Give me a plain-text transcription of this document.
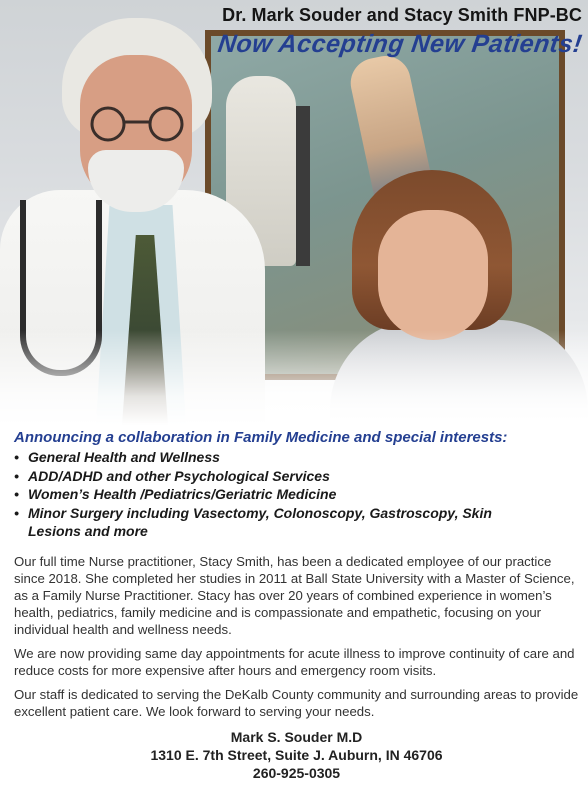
Dr. Mark Souder and Stacy Smith FNP-BC
Now Accepting New Patients!

Announcing a collaboration in Family Medicine and special interests:

• General Health and Wellness
• ADD/ADHD and other Psychological Services
• Women’s Health /Pediatrics/Geriatric Medicine
• Minor Surgery including Vasectomy, Colonoscopy, Gastroscopy, Skin Lesions and more

Our full time Nurse practitioner, Stacy Smith, has been a dedicated employee of our practice since 2018. She completed her studies in 2011 at Ball State University with a Master of Science, as a Family Nurse Practitioner. Stacy has over 20 years of combined experience in women’s health, pediatrics, family medicine and is compassionate and empathetic, focusing on your individual health and wellness needs.

We are now providing same day appointments for acute illness to improve continuity of care and reduce costs for more expensive after hours and emergency room visits.

Our staff is dedicated to serving the DeKalb County community and surrounding areas to provide excellent patient care. We look forward to serving your needs.

Mark S. Souder M.D
1310 E. 7th Street, Suite J. Auburn, IN 46706
260-925-0305
